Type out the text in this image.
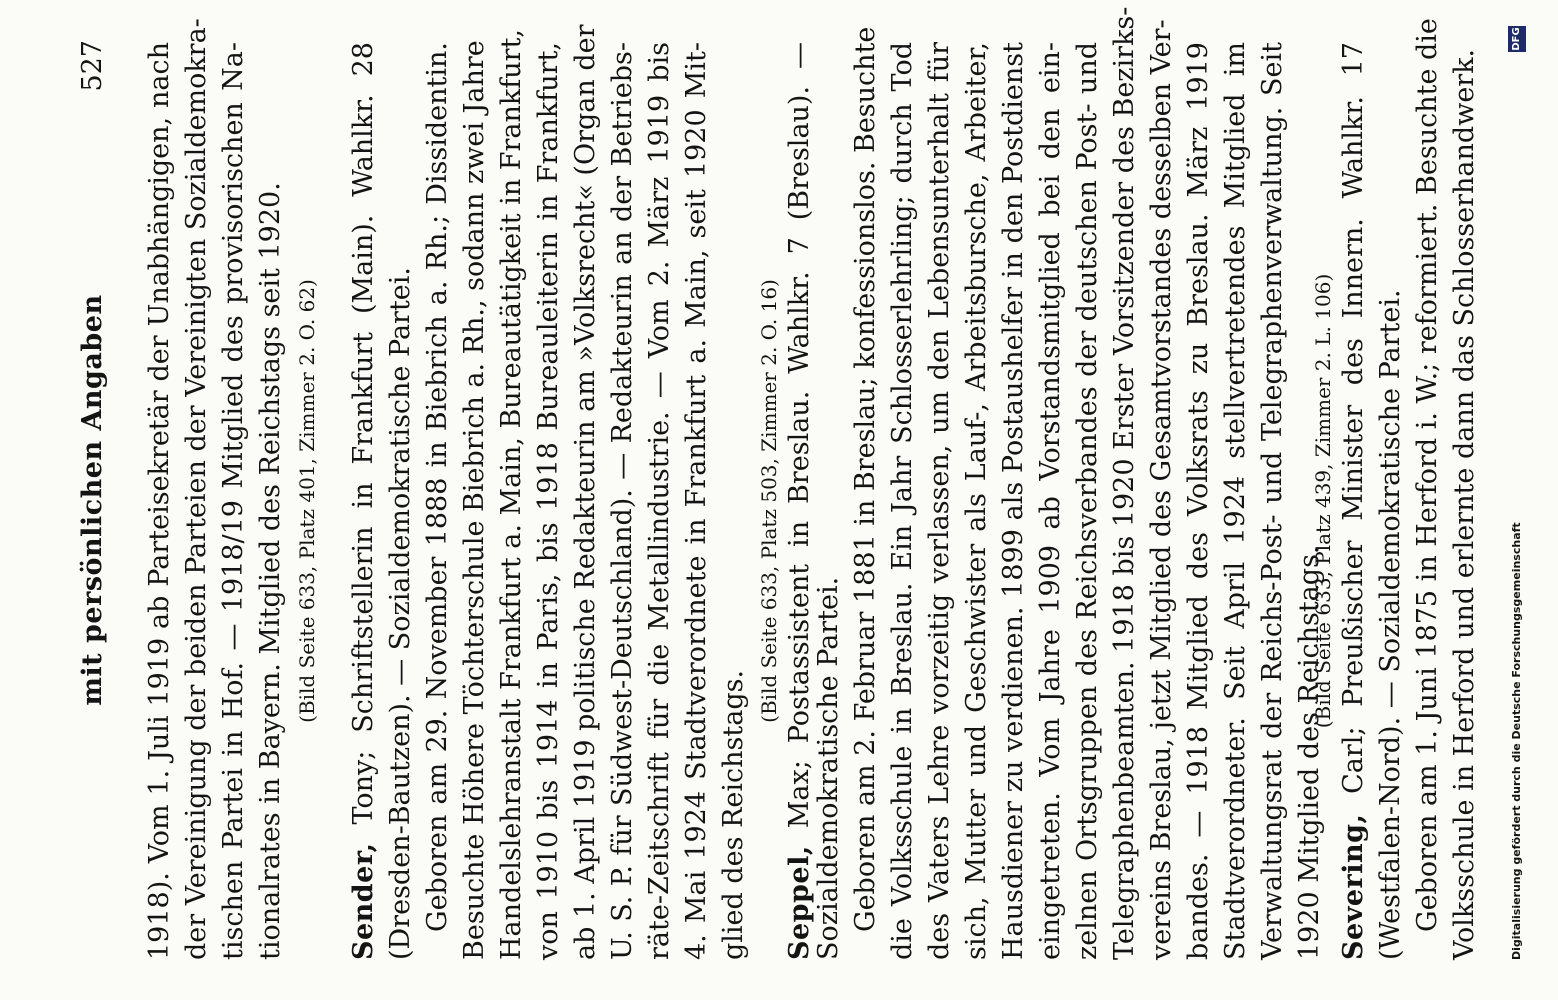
mit persönlichen Angaben
527 1918). Vom 1. Juli 1919 ab Parteisekretär der Unabhängigen, nach der Vereinigung der beiden Parteien der Vereinigten Sozialdemokra- tischen Partei in Hof. — 1918/19 Mitglied des provisorischen Na- tionalrates in Bayern. Mitglied des Reichstags seit 1920. (Bild Seite 633, Platz 401, Zimmer 2. O. 62)
Sender, Tony; Schriftstellerin in Frankfurt (Main). Wahlkr. 28 (Dresden-Bautzen). — Sozialdemokratische Partei. Geboren am 29. November 1888 in Biebrich a. Rh.; Dissidentin. Besuchte Höhere Töchterschule Biebrich a. Rh., sodann zwei Jahre Handelslehranstalt Frankfurt a. Main, Bureautätigkeit in Frankfurt, von 1910 bis 1914 in Paris, bis 1918 Bureauleiterin in Frankfurt, ab 1. April 1919 politische Redakteurin am »Volksrecht« (Organ der U. S. P. für Südwest-Deutschland). — Redakteurin an der Betriebs- räte-Zeitschrift für die Metallindustrie. — Vom 2. März 1919 bis 4. Mai 1924 Stadtverordnete in Frankfurt a. Main, seit 1920 Mit- glied des Reichstags.
(Bild Seite 633, Platz 503, Zimmer 2. O. 16)
Seppel, Max; Postassistent in Breslau. Wahlkr. 7 (Breslau). —
Sozialdemokratische Partei. Geboren am 2. Februar 1881 in Breslau; konfessionslos. Besuchte die Volksschule in Breslau. Ein Jahr Schlosserlehrling; durch Tod des Vaters Lehre vorzeitig verlassen, um den Lebensunterhalt für sich, Mutter und Geschwister als Lauf-, Arbeitsbursche, Arbeiter, Hausdiener zu verdienen. 1899 als Postaushelfer in den Postdienst eingetreten. Vom Jahre 1909 ab Vorstandsmitglied bei den ein- zelnen Ortsgruppen des Reichsverbandes der deutschen Post- und Telegraphenbeamten. 1918 bis 1920 Erster Vorsitzender des Bezirks- vereins Breslau, jetzt Mitglied des Gesamtvorstandes desselben Ver- bandes. — 1918 Mitglied des Volksrats zu Breslau. März 1919 Stadtverordneter. Seit April 1924 stellvertretendes Mitglied im Verwaltungsrat der Reichs-Post- und Telegraphenverwaltung. Seit 1920 Mitglied des Reichstags.
(Bild Seite 633, Platz 439, Zimmer 2. L. 106)
Severing, Carl; Preußischer Minister des Innern. Wahlkr. 17 (Westfalen-Nord). — Sozialdemokratische Partei. Geboren am 1. Juni 1875 in Herford i. W.; reformiert. Besuchte die Volksschule in Herford und erlernte dann das Schlosserhandwerk.	Digitalisierung gefördert durch die Deutsche Forschungsgemeinschaft
DFG
